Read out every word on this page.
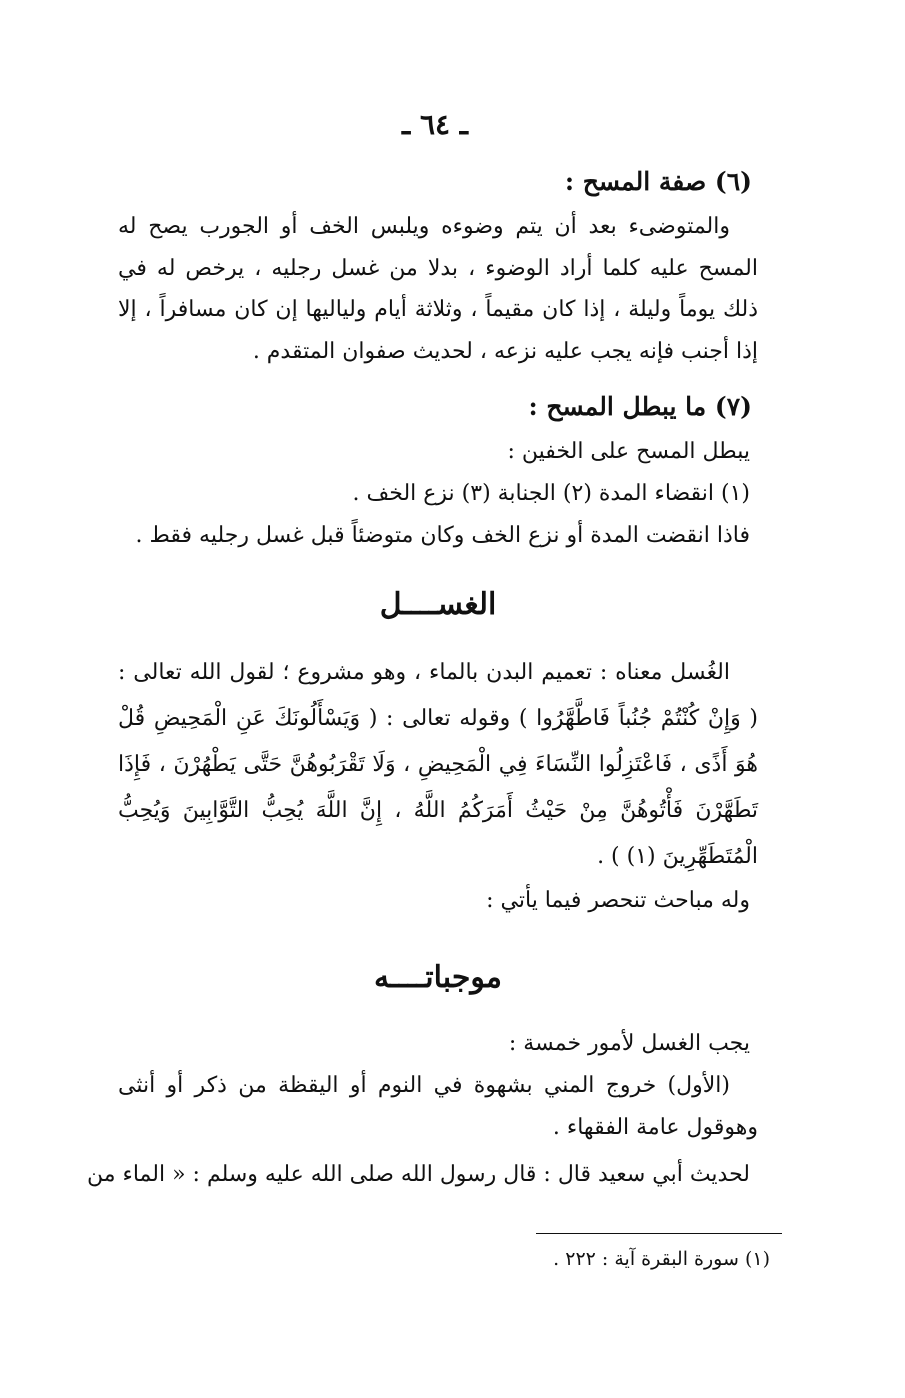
ـ ٦٤ ـ
(٦) صفة المسح :
والمتوضىء بعد أن يتم وضوءه ويلبس الخف أو الجورب يصح له المسح عليه كلما أراد الوضوء ، بدلا من غسل رجليه ، يرخص له في ذلك يوماً وليلة ، إذا كان مقيماً ، وثلاثة أيام ولياليها إن كان مسافراً ، إلا إذا أجنب فإنه يجب عليه نزعه ، لحديث صفوان المتقدم .
(٧) ما يبطل المسح :
يبطل المسح على الخفين :
(١) انقضاء المدة (٢) الجنابة (٣) نزع الخف .
فاذا انقضت المدة أو نزع الخف وكان متوضئاً قبل غسل رجليه فقط .
الغســــل
الغُسل معناه : تعميم البدن بالماء ، وهو مشروع ؛ لقول الله تعالى : ( وَإِنْ كُنْتُمْ جُنُباً فَاطَّهَّرُوا ) وقوله تعالى : ( وَيَسْأَلُونَكَ عَنِ الْمَحِيضِ قُلْ هُوَ أَذًى ، فَاعْتَزِلُوا النِّسَاءَ فِي الْمَحِيضِ ، وَلَا تَقْرَبُوهُنَّ حَتَّى يَطْهُرْنَ ، فَإِذَا تَطَهَّرْنَ فَأْتُوهُنَّ مِنْ حَيْثُ أَمَرَكُمُ اللَّهُ ، إِنَّ اللَّهَ يُحِبُّ التَّوَّابِينَ وَيُحِبُّ الْمُتَطَهِّرِينَ (١) ) .
وله مباحث تنحصر فيما يأتي :
موجباتــــه
يجب الغسل لأمور خمسة :
(الأول) خروج المني بشهوة في النوم أو اليقظة من ذكر أو أنثى وهوقول عامة الفقهاء .
لحديث أبي سعيد قال : قال رسول الله صلى الله عليه وسلم : « الماء من
(١) سورة البقرة آية : ٢٢٢ .
